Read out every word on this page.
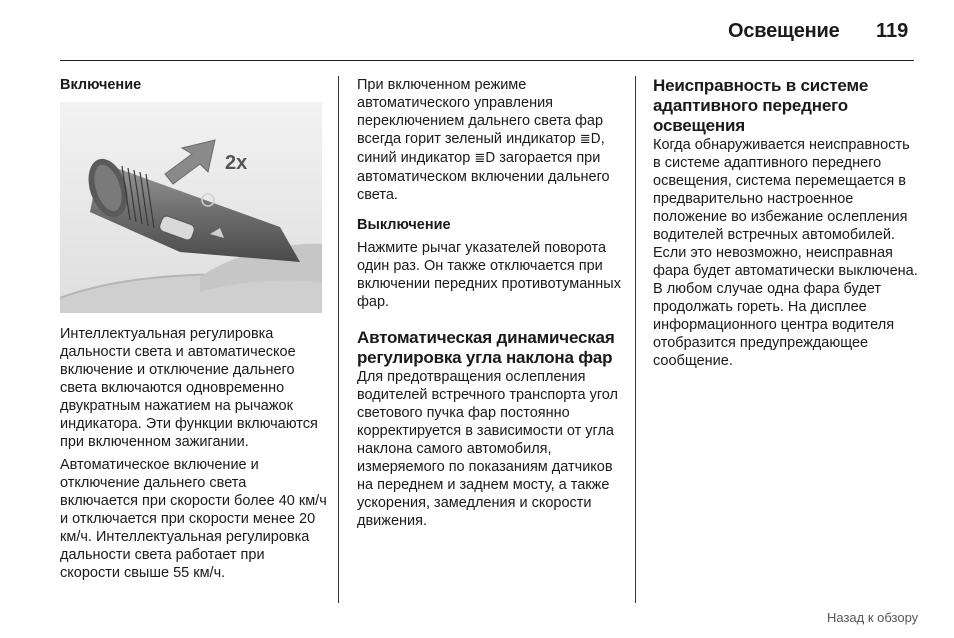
Освещение 119
Включение
2x

Интеллектуальная регулировка дальности света и автоматическое включение и отключение дальнего света включаются одновременно двукратным нажатием на рычажок индикатора. Эти функции включаются при включенном зажигании.

Автоматическое включение и отключение дальнего света включается при скорости более 40 км/ч и отключается при скорости менее 20 км/ч. Интеллектуальная регулировка дальности света работает при скорости свыше 55 км/ч.

При включенном режиме автоматического управления переключением дальнего света фар всегда горит зеленый индикатор ≣D, синий индикатор ≣D загорается при автоматическом включении дальнего света.

Выключение

Нажмите рычаг указателей поворота один раз. Он также отключается при включении передних противотуманных фар.

Автоматическая динамическая регулировка угла наклона фар

Для предотвращения ослепления водителей встречного транспорта угол светового пучка фар постоянно корректируется в зависимости от угла наклона самого автомобиля, измеряемого по показаниям датчиков на переднем и заднем мосту, а также ускорения, замедления и скорости движения.

Неисправность в системе адаптивного переднего освещения

Когда обнаруживается неисправность в системе адаптивного переднего освещения, система перемещается в предварительно настроенное положение во избежание ослепления водителей встречных автомобилей. Если это невозможно, неисправная фара будет автоматически выключена. В любом случае одна фара будет продолжать гореть. На дисплее информационного центра водителя отобразится предупреждающее сообщение.

Назад к обзору
